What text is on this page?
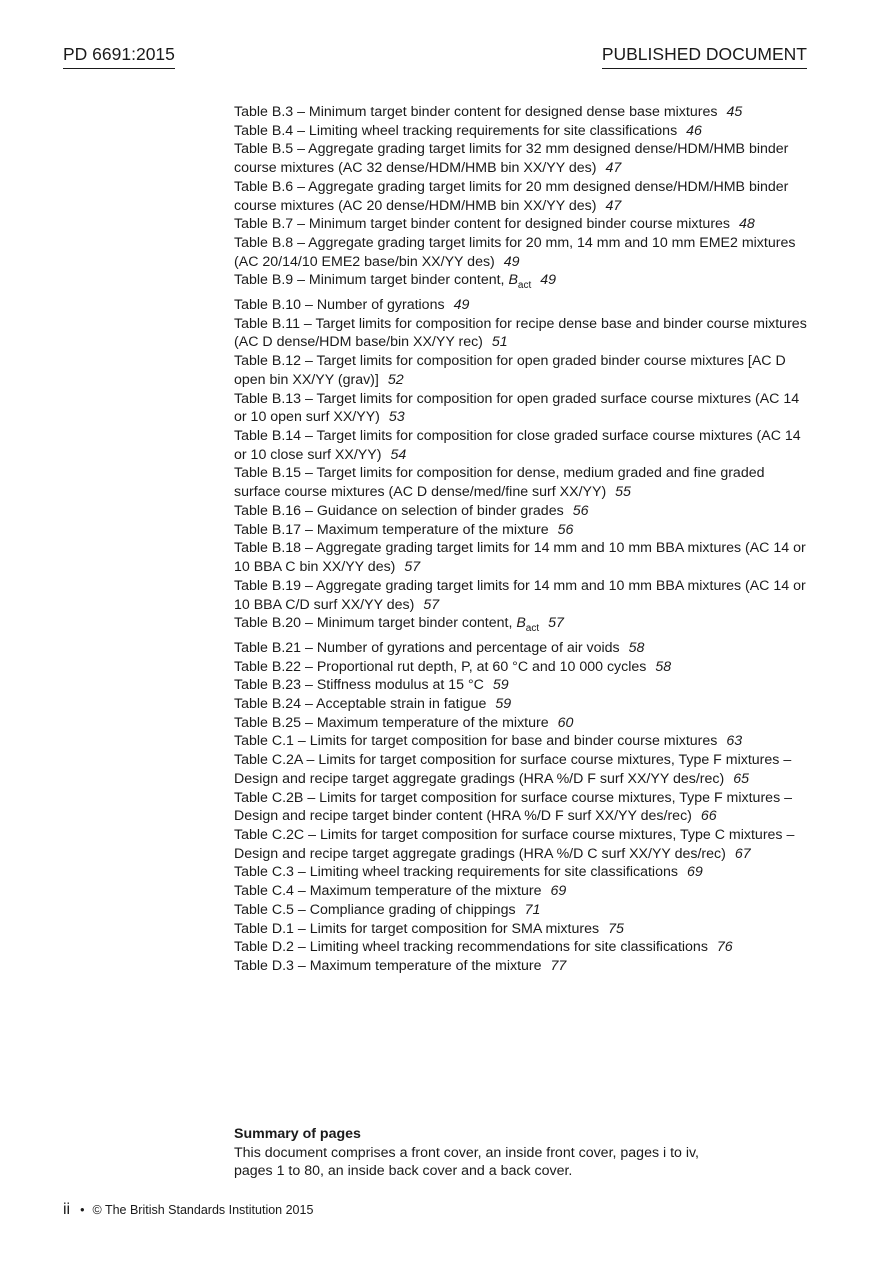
PD 6691:2015	PUBLISHED DOCUMENT

Table B.3 – Minimum target binder content for designed dense base mixtures 45

Table B.4 – Limiting wheel tracking requirements for site classifications 46

Table B.5 – Aggregate grading target limits for 32 mm designed dense/HDM/HMB binder course mixtures (AC 32 dense/HDM/HMB bin XX/YY des) 47

Table B.6 – Aggregate grading target limits for 20 mm designed dense/HDM/HMB binder course mixtures (AC 20 dense/HDM/HMB bin XX/YY des) 47

Table B.7 – Minimum target binder content for designed binder course mixtures 48

Table B.8 – Aggregate grading target limits for 20 mm, 14 mm and 10 mm EME2 mixtures (AC 20/14/10 EME2 base/bin XX/YY des) 49

Table B.9 – Minimum target binder content, $B_{act}$ 49

Table B.10 – Number of gyrations 49

Table B.11 – Target limits for composition for recipe dense base and binder course mixtures (AC D dense/HDM base/bin XX/YY rec) 51

Table B.12 – Target limits for composition for open graded binder course mixtures [AC D open bin XX/YY (grav)] 52

Table B.13 – Target limits for composition for open graded surface course mixtures (AC 14 or 10 open surf XX/YY) 53

Table B.14 – Target limits for composition for close graded surface course mixtures (AC 14 or 10 close surf XX/YY) 54

Table B.15 – Target limits for composition for dense, medium graded and fine graded surface course mixtures (AC D dense/med/fine surf XX/YY) 55

Table B.16 – Guidance on selection of binder grades 56

Table B.17 – Maximum temperature of the mixture 56

Table B.18 – Aggregate grading target limits for 14 mm and 10 mm BBA mixtures (AC 14 or 10 BBA C bin XX/YY des) 57

Table B.19 – Aggregate grading target limits for 14 mm and 10 mm BBA mixtures (AC 14 or 10 BBA C/D surf XX/YY des) 57

Table B.20 – Minimum target binder content, $B_{act}$ 57

Table B.21 – Number of gyrations and percentage of air voids 58

Table B.22 – Proportional rut depth, P, at 60 °C and 10 000 cycles 58

Table B.23 – Stiffness modulus at 15 °C 59

Table B.24 – Acceptable strain in fatigue 59

Table B.25 – Maximum temperature of the mixture 60

Table C.1 – Limits for target composition for base and binder course mixtures 63

Table C.2A – Limits for target composition for surface course mixtures, Type F mixtures – Design and recipe target aggregate gradings (HRA %/D F surf XX/YY des/rec) 65

Table C.2B – Limits for target composition for surface course mixtures, Type F mixtures – Design and recipe target binder content (HRA %/D F surf XX/YY des/rec) 66

Table C.2C – Limits for target composition for surface course mixtures, Type C mixtures – Design and recipe target aggregate gradings (HRA %/D C surf XX/YY des/rec) 67

Table C.3 – Limiting wheel tracking requirements for site classifications 69

Table C.4 – Maximum temperature of the mixture 69

Table C.5 – Compliance grading of chippings 71

Table D.1 – Limits for target composition for SMA mixtures 75

Table D.2 – Limiting wheel tracking recommendations for site classifications 76

Table D.3 – Maximum temperature of the mixture 77

Summary of pages

This document comprises a front cover, an inside front cover, pages i to iv,
pages 1 to 80, an inside back cover and a back cover.

ii • © The British Standards Institution 2015
